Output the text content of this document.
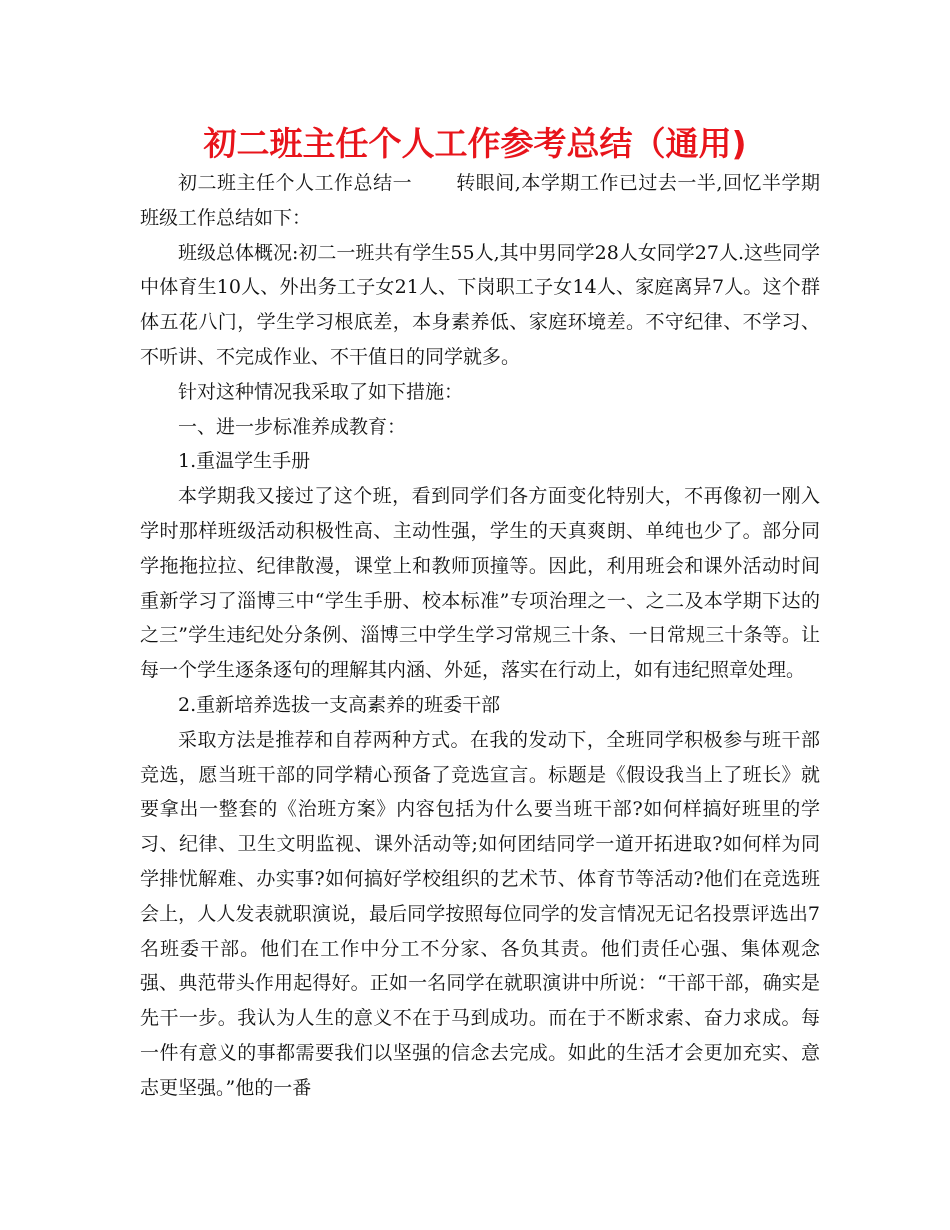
初二班主任个人工作参考总结（通用)

初二班主任个人工作总结一 转眼间,本学期工作已过去一半,回忆半学期班级工作总结如下：

班级总体概况:初二一班共有学生55人,其中男同学28人女同学27人.这些同学中体育生10人、外出务工子女21人、下岗职工子女14人、家庭离异7人。这个群体五花八门，学生学习根底差，本身素养低、家庭环境差。不守纪律、不学习、不听讲、不完成作业、不干值日的同学就多。

针对这种情况我采取了如下措施：

一、进一步标准养成教育：

1.重温学生手册

本学期我又接过了这个班，看到同学们各方面变化特别大，不再像初一刚入学时那样班级活动积极性高、主动性强，学生的天真爽朗、单纯也少了。部分同学拖拖拉拉、纪律散漫，课堂上和教师顶撞等。因此，利用班会和课外活动时间重新学习了淄博三中“学生手册、校本标准”专项治理之一、之二及本学期下达的之三”学生违纪处分条例、淄博三中学生学习常规三十条、一日常规三十条等。让每一个学生逐条逐句的理解其内涵、外延，落实在行动上，如有违纪照章处理。

2.重新培养选拔一支高素养的班委干部

采取方法是推荐和自荐两种方式。在我的发动下，全班同学积极参与班干部竞选，愿当班干部的同学精心预备了竞选宣言。标题是《假设我当上了班长》就要拿出一整套的《治班方案》内容包括为什么要当班干部?如何样搞好班里的学习、纪律、卫生文明监视、课外活动等;如何团结同学一道开拓进取?如何样为同学排忧解难、办实事?如何搞好学校组织的艺术节、体育节等活动?他们在竞选班会上，人人发表就职演说，最后同学按照每位同学的发言情况无记名投票评选出7名班委干部。他们在工作中分工不分家、各负其责。他们责任心强、集体观念强、典范带头作用起得好。正如一名同学在就职演讲中所说：“干部干部，确实是先干一步。我认为人生的意义不在于马到成功。而在于不断求索、奋力求成。每一件有意义的事都需要我们以坚强的信念去完成。如此的生活才会更加充实、意志更坚强。”他的一番
